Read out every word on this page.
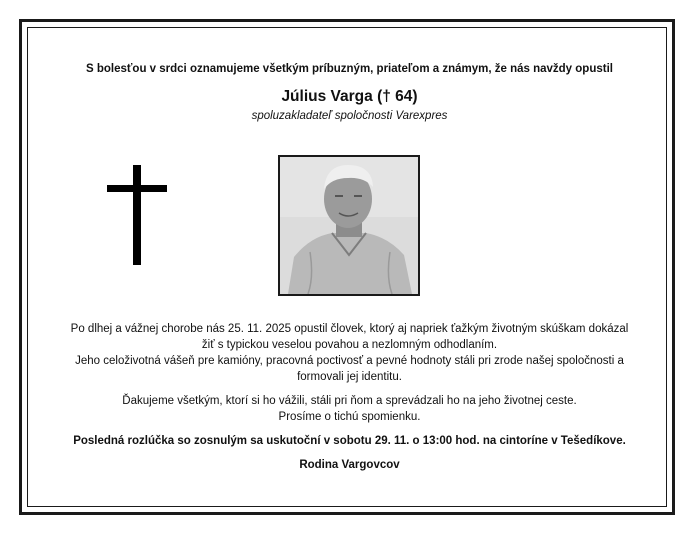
S bolesťou v srdci oznamujeme všetkým príbuzným, priateľom a známym, že nás navždy opustil
Július Varga († 64)
spoluzakladateľ spoločnosti Varexpres
Po dlhej a vážnej chorobe nás 25. 11. 2025 opustil človek, ktorý aj napriek ťažkým životným skúškam dokázal
žiť s typickou veselou povahou a nezlomným odhodlaním.
Jeho celoživotná vášeň pre kamióny, pracovná poctivosť a pevné hodnoty stáli pri zrode našej spoločnosti a
formovali jej identitu.
Ďakujeme všetkým, ktorí si ho vážili, stáli pri ňom a sprevádzali ho na jeho životnej ceste.
Prosíme o tichú spomienku.
Posledná rozlúčka so zosnulým sa uskutoční v sobotu 29. 11. o 13:00 hod. na cintoríne v Tešedíkove.
Rodina Vargovcov
